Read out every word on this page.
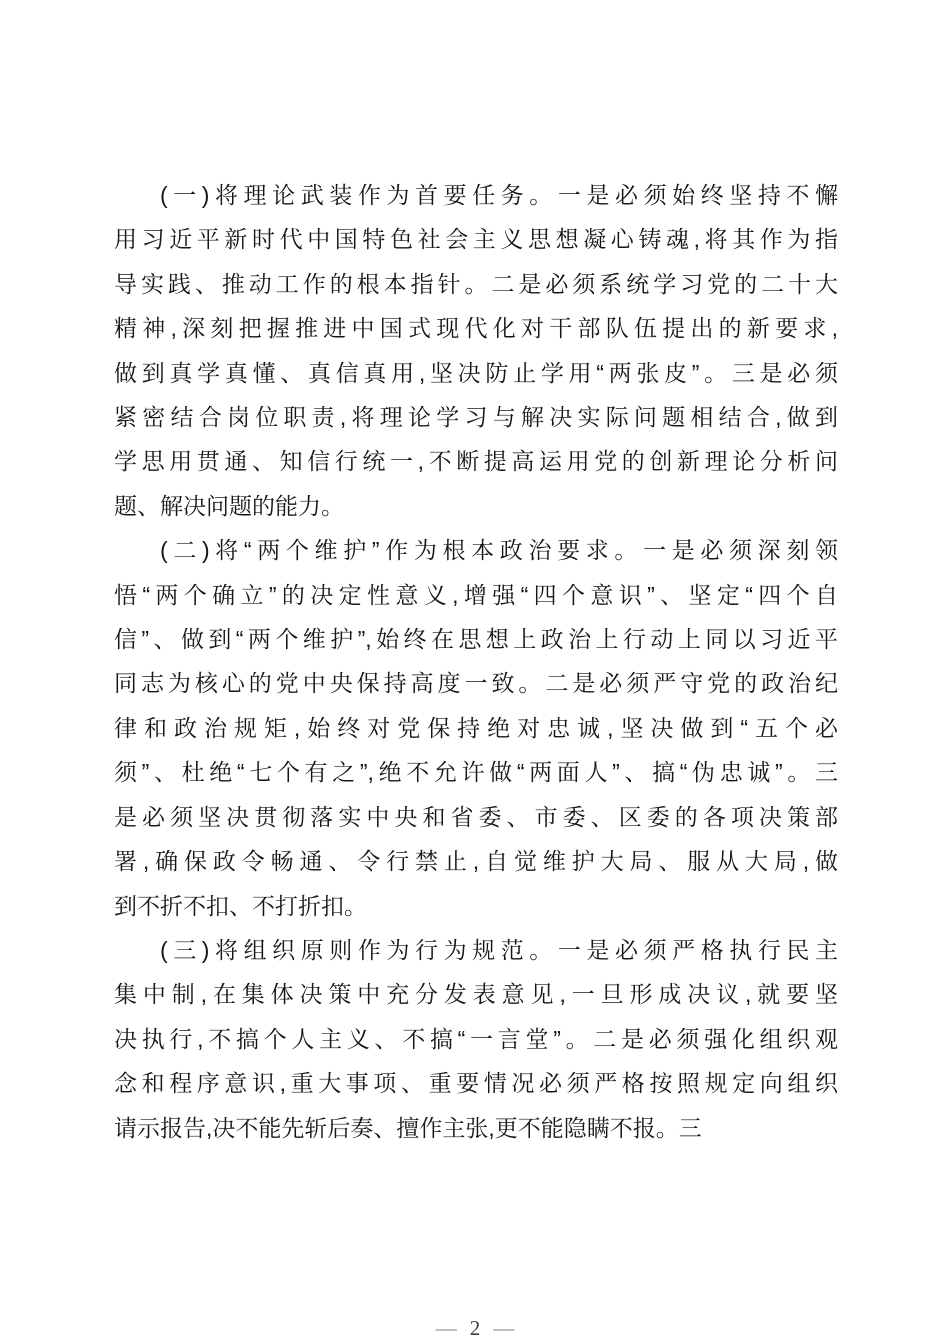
(一)将理论武装作为首要任务。一是必须始终坚持不懈
用习近平新时代中国特色社会主义思想凝心铸魂,将其作为指
导实践、推动工作的根本指针。二是必须系统学习党的二十大
精神,深刻把握推进中国式现代化对干部队伍提出的新要求,
做到真学真懂、真信真用,坚决防止学用“两张皮”。三是必须
紧密结合岗位职责,将理论学习与解决实际问题相结合,做到
学思用贯通、知信行统一,不断提高运用党的创新理论分析问
题、解决问题的能力。
(二)将“两个维护”作为根本政治要求。一是必须深刻领
悟“两个确立”的决定性意义,增强“四个意识”、坚定“四个自
信”、做到“两个维护”,始终在思想上政治上行动上同以习近平
同志为核心的党中央保持高度一致。二是必须严守党的政治纪
律和政治规矩,始终对党保持绝对忠诚,坚决做到“五个必
须”、杜绝“七个有之”,绝不允许做“两面人”、搞“伪忠诚”。三
是必须坚决贯彻落实中央和省委、市委、区委的各项决策部
署,确保政令畅通、令行禁止,自觉维护大局、服从大局,做
到不折不扣、不打折扣。
(三)将组织原则作为行为规范。一是必须严格执行民主
集中制,在集体决策中充分发表意见,一旦形成决议,就要坚
决执行,不搞个人主义、不搞“一言堂”。二是必须强化组织观
念和程序意识,重大事项、重要情况必须严格按照规定向组织
请示报告,决不能先斩后奏、擅作主张,更不能隐瞒不报。三
— 2 —
